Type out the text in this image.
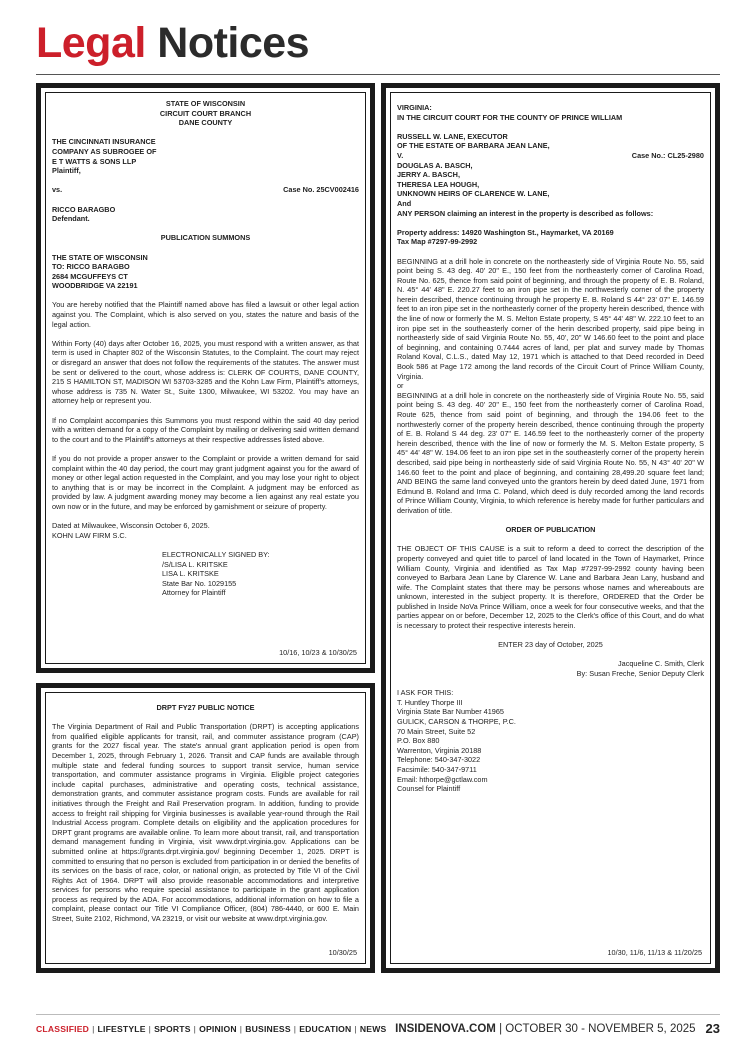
Legal Notices
STATE OF WISCONSIN
CIRCUIT COURT BRANCH
DANE COUNTY
THE CINCINNATI INSURANCE
COMPANY AS SUBROGEE OF
E T WATTS & SONS LLP
Plaintiff,
vs.	Case No. 25CV002416
RICCO BARAGBO
Defendant.
PUBLICATION SUMMONS
THE STATE OF WISCONSIN
TO: RICCO BARAGBO
2684 MCGUFFEYS CT
WOODBRIDGE VA 22191

You are hereby notified that the Plaintiff named above has filed a lawsuit or other legal action against you. The Complaint, which is also served on you, states the nature and basis of the legal action.

Within Forty (40) days after October 16, 2025, you must respond with a written answer, as that term is used in Chapter 802 of the Wisconsin Statutes, to the Complaint. The court may reject or disregard an answer that does not follow the requirements of the statutes. The answer must be sent or delivered to the court, whose address is: CLERK OF COURTS, DANE COUNTY, 215 S HAMILTON ST, MADISON WI 53703-3285 and the Kohn Law Firm, Plaintiff's attorneys, whose address is 735 N. Water St., Suite 1300, Milwaukee, WI 53202. You may have an attorney help or represent you.

If no Complaint accompanies this Summons you must respond within the said 40 day period with a written demand for a copy of the Complaint by mailing or delivering said written demand to the court and to the Plaintiff's attorneys at their respective addresses listed above.

If you do not provide a proper answer to the Complaint or provide a written demand for said complaint within the 40 day period, the court may grant judgment against you for the award of money or other legal action requested in the Complaint, and you may lose your right to object to anything that is or may be incorrect in the Complaint. A judgment may be enforced as provided by law. A judgment awarding money may become a lien against any real estate you own now or in the future, and may be enforced by garnishment or seizure of property.

Dated at Milwaukee, Wisconsin October 6, 2025.
KOHN LAW FIRM S.C.
ELECTRONICALLY SIGNED BY:
/S/LISA L. KRITSKE
LISA L. KRITSKE
State Bar No. 1029155
Attorney for Plaintiff
10/16, 10/23 & 10/30/25
DRPT FY27 PUBLIC NOTICE

The Virginia Department of Rail and Public Transportation (DRPT) is accepting applications from qualified eligible applicants for transit, rail, and commuter assistance program (CAP) grants for the 2027 fiscal year. The state's annual grant application period is open from December 1, 2025, through February 1, 2026. Transit and CAP funds are available through multiple state and federal funding sources to support transit service, human service transportation, and commuter assistance programs in Virginia. Eligible project categories include capital purchases, administrative and operating costs, technical assistance, demonstration grants, and commuter assistance program costs. Funds are available for rail initiatives through the Freight and Rail Preservation program. In addition, funding to provide access to freight rail shipping for Virginia businesses is available year-round through the Rail Industrial Access program. Complete details on eligibility and the application procedures for DRPT grant programs are available online. To learn more about transit, rail, and transportation demand management funding in Virginia, visit www.drpt.virginia.gov. Applications can be submitted online at https://grants.drpt.virginia.gov/ beginning December 1, 2025. DRPT is committed to ensuring that no person is excluded from participation in or denied the benefits of its services on the basis of race, color, or national origin, as protected by Title VI of the Civil Rights Act of 1964. DRPT will also provide reasonable accommodations and interpretive services for persons who require special assistance to participate in the grant application process as required by the ADA. For accommodations, additional information on how to file a complaint, please contact our Title VI Compliance Officer, (804) 786-4440, or 600 E. Main Street, Suite 2102, Richmond, VA 23219, or visit our website at www.drpt.virginia.gov.

10/30/25
VIRGINIA:
IN THE CIRCUIT COURT FOR THE COUNTY OF PRINCE WILLIAM
RUSSELL W. LANE, EXECUTOR
OF THE ESTATE OF BARBARA JEAN LANE,
V.	Case No.: CL25-2980
DOUGLAS A. BASCH,
JERRY A. BASCH,
THERESA LEA HOUGH,
UNKNOWN HEIRS OF CLARENCE W. LANE,
And
ANY PERSON claiming an interest in the property is described as follows:
Property address: 14920 Washington St., Haymarket, VA 20169
Tax Map #7297-99-2992
BEGINNING at a drill hole in concrete on the northeasterly side of Virginia Route No. 55, said point being S. 43 deg. 40' 20" E., 150 feet from the northeasterly corner of Carolina Road, Route No. 625, thence from said point of beginning, and through the property of E. B. Roland, N. 45° 44' 48" E. 220.27 feet to an iron pipe set in the northwesterly corner of the property herein described, thence continuing through he property E. B. Roland S 44° 23' 07" E. 146.59 feet to an iron pipe set in the northeasterly corner of the property herein described, thence with the line of now or formerly the M. S. Melton Estate property, S 45° 44' 48" W. 222.10 feet to an iron pipe set in the southeasterly corner of the herin described property, said pipe being in northeasterly side of said Virginia Route No. 55, 40', 20" W 146.60 feet to the point and place of beginning, and containing 0.7444 acres of land, per plat and survey made by Thomas Roland Koval, C.L.S., dated May 12, 1971 which is attached to that Deed recorded in Deed Book 586 at Page 172 among the land records of the Circuit Court of Prince William County, Virginia.
or

BEGINNING at a drill hole in concrete on the northeasterly side of Virginia Route No. 55, said point being S. 43 deg. 40' 20" E., 150 feet from the northeasterly corner of Carolina Road, Route 625, thence from said point of beginning, and through the 194.06 feet to the northwesterly corner of the property herein described, thence continuing through the property of E. B. Roland S 44 deg. 23' 07" E. 146.59 feet to the northeasterly corner of the property herein described, thence with the line of now or formerly the M. S. Melton Estate property, S 45° 44' 48" W. 194.06 feet to an iron pipe set in the southeasterly corner of the property herein described, said pipe being in northeasterly side of said Virginia Route No. 55, N 43° 40' 20" W 146.60 feet to the point and place of beginning, and containing 28,499.20 square feet land; AND BEING the same land conveyed unto the grantors herein by deed dated June, 1971 from Edmund B. Roland and Irma C. Poland, which deed is duly recorded among the land records of Prince William County, Virginia, to which reference is hereby made for further particulars and derivation of title.

ORDER OF PUBLICATION

THE OBJECT OF THIS CAUSE is a suit to reform a deed to correct the description of the property conveyed and quiet title to parcel of land located in the Town of Haymarket, Prince William County, Virginia and identified as Tax Map #7297-99-2992 county having been conveyed to Barbara Jean Lane by Clarence W. Lane and Barbara Jean Lany, husband and wife. The Complaint states that there may be persons whose names and whereabouts are unknown, interested in the subject property. It is therefore, ORDERED that the Order be published in Inside NoVa Prince William, once a week for four consecutive weeks, and that the parties appear on or before, December 12, 2025 to the Clerk's office of this Court, and do what is necessary to protect their respective interests herein.

ENTER 23 day of October, 2025
Jacqueline C. Smith, Clerk
By: Susan Freche, Senior Deputy Clerk
I ASK FOR THIS:
T. Huntley Thorpe III
Virginia State Bar Number 41965
GULICK, CARSON & THORPE, P.C.
70 Main Street, Suite 52
P.O. Box 880
Warrenton, Virginia 20188
Telephone: 540-347-3022
Facsimile: 540-347-9711
Email: hthorpe@gctlaw.com
Counsel for Plaintiff
10/30, 11/6, 11/13 & 11/20/25
CLASSIFIED | LIFESTYLE | SPORTS | OPINION | BUSINESS | EDUCATION | NEWS INSIDENOVA.COM | OCTOBER 30 - NOVEMBER 5, 2025 23
